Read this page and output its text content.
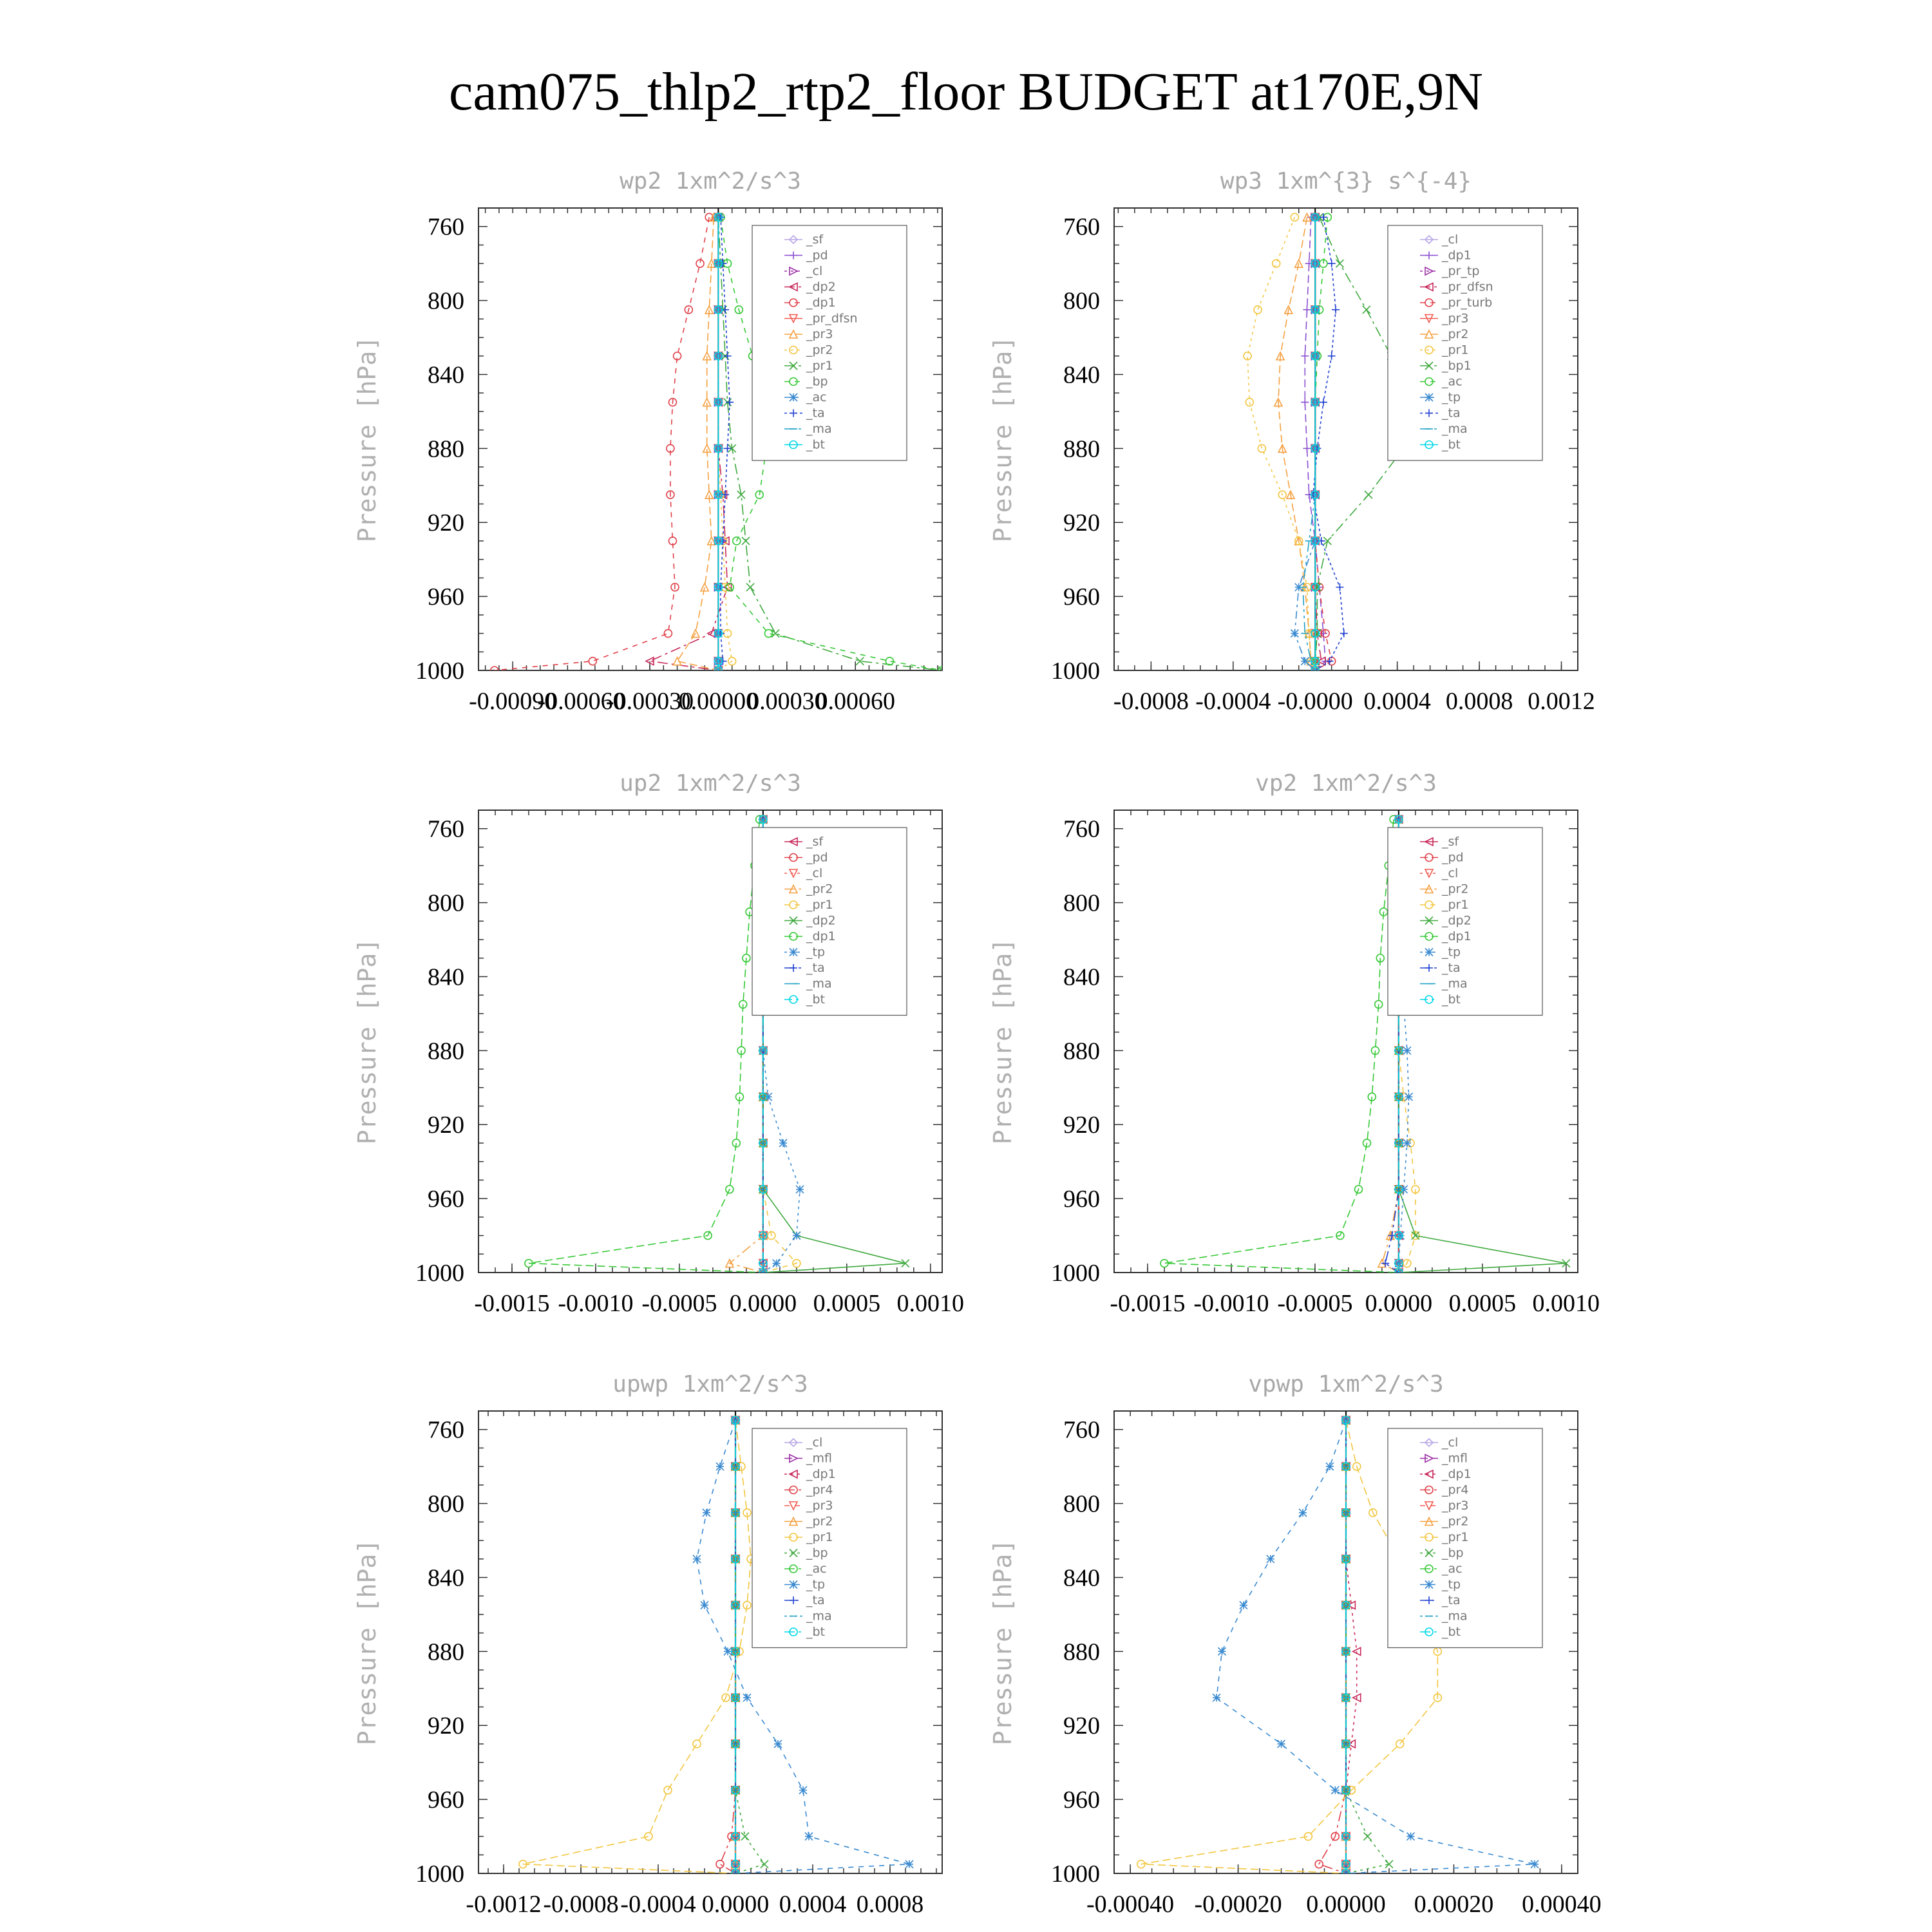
cam075_thlp2_rtp2_floor BUDGET at170E,9N
wp2 1xm^2/s^3
Pressure [hPa]
760
800
840
880
920
960
1000
-0.00090
-0.00060
-0.00030
0.00000
0.00030
0.00060
_sf
_pd
_cl
_dp2
_dp1
_pr_dfsn
_pr3
_pr2
_pr1
_bp
_ac
_ta
_ma
_bt
wp3 1xm^{3} s^{-4}
Pressure [hPa]
760
800
840
880
920
960
1000
-0.0008 -0.0004 -0.0000 0.0004 0.0008 0.0012
_cl
_dp1
_pr_tp
_pr_dfsn
_pr_turb
_pr3
_pr2
_pr1
_bp1
_ac
_tp
_ta
_ma
_bt
up2 1xm^2/s^3
Pressure [hPa]
760
800
840
880
920
960
1000
-0.0015 -0.0010 -0.0005 0.0000 0.0005 0.0010
_sf
_pd
_cl
_pr2
_pr1
_dp2
_dp1
_tp
_ta
_ma
_bt
vp2 1xm^2/s^3
Pressure [hPa]
760
800
840
880
920
960
1000
-0.0015 -0.0010 -0.0005 0.0000 0.0005 0.0010
_sf
_pd
_cl
_pr2
_pr1
_dp2
_dp1
_tp
_ta
_ma
_bt
upwp 1xm^2/s^3
Pressure [hPa]
760
800
840
880
920
960
1000
-0.0012 -0.0008 -0.0004 0.0000 0.0004 0.0008
_cl
_mfl
_dp1
_pr4
_pr3
_pr2
_pr1
_bp
_ac
_tp
_ta
_ma
_bt
vpwp 1xm^2/s^3
Pressure [hPa]
760
800
840
880
920
960
1000
-0.00040 -0.00020 0.00000 0.00020 0.00040
_cl
_mfl
_dp1
_pr4
_pr3
_pr2
_pr1
_bp
_ac
_tp
_ta
_ma
_bt
